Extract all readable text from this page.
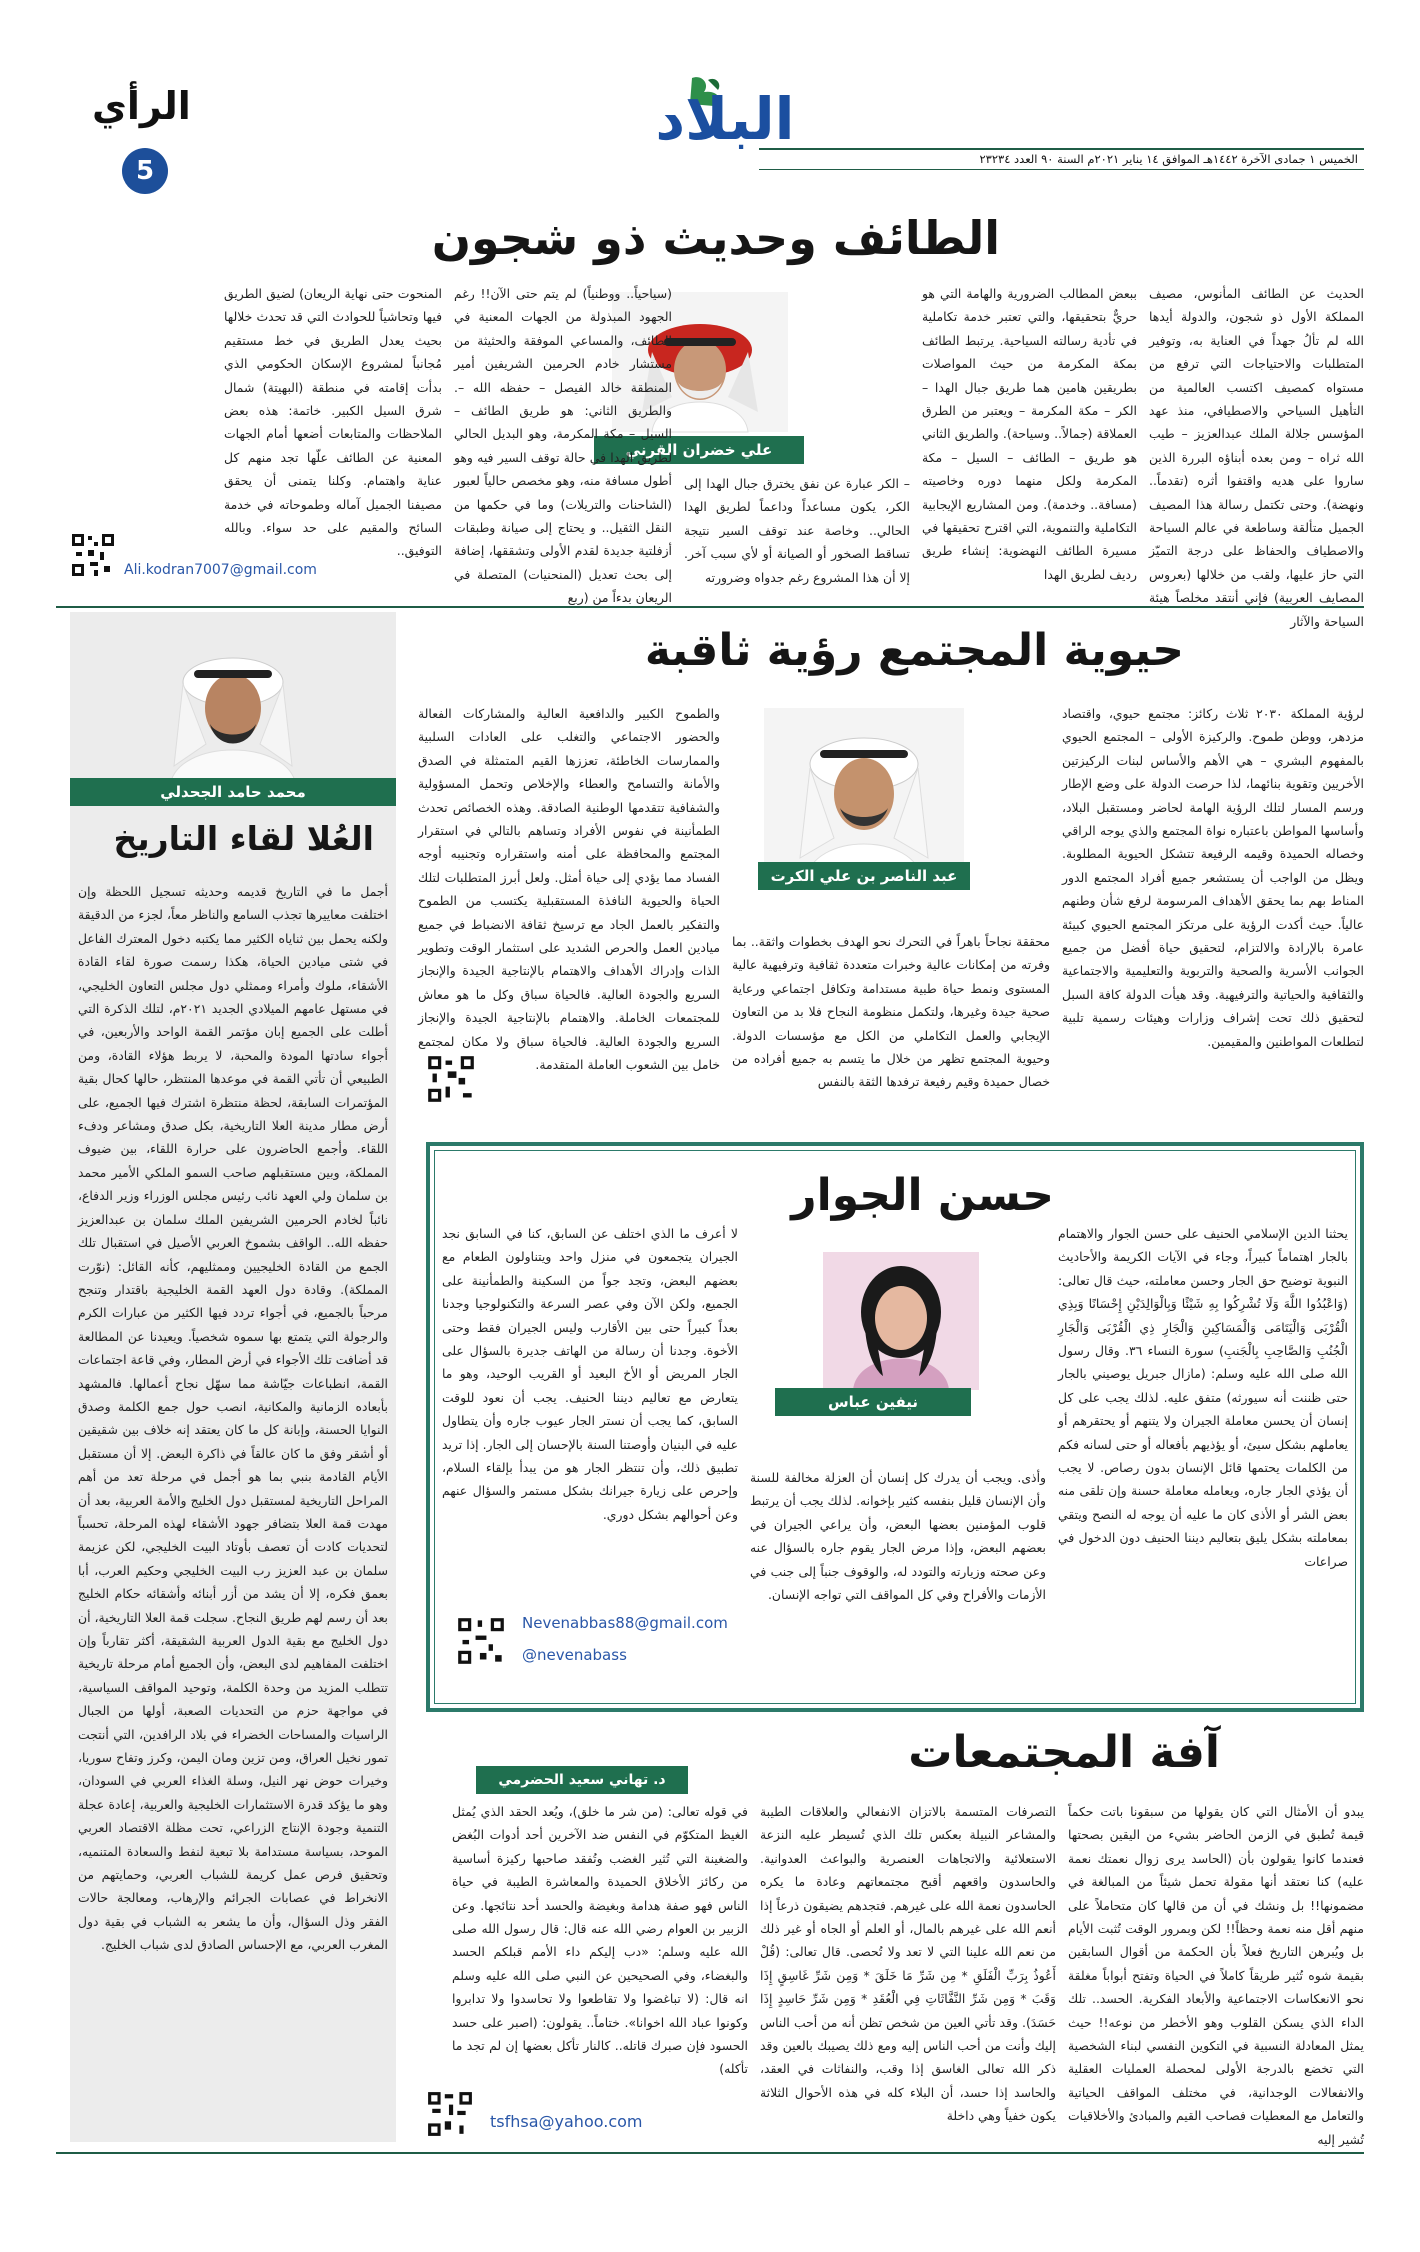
الخميس ١ جمادى الآخرة ١٤٤٢هـ الموافق ١٤ يناير ٢٠٢١م السنة ٩٠ العدد ٢٣٢٣٤
البلاد
الرأي
5
الطائف وحديث ذو شجون
علي خضران القرني
الحديث عن الطائف المأنوس، مصيف المملكة الأول ذو شجون، والدولة أيدها الله لم تألُ جهداً في العناية به، وتوفير المتطلبات والاحتياجات التي ترفع من مستواه كمصيف اكتسب العالمية من التأهيل السياحي والاصطيافي، منذ عهد المؤسس جلالة الملك عبدالعزيز – طيب الله ثراه – ومن بعده أبناؤه البررة الذين ساروا على هديه واقتفوا أثره (تقدماً.. ونهضة). وحتى تكتمل رسالة هذا المصيف الجميل متألقة وساطعة في عالم السياحة والاصطياف والحفاظ على درجة التميّز التي حاز عليها، ولقب من خلالها (بعروس المصايف العربية) فإني أنتقد مخلصاً هيئة السياحة والآثار
ببعض المطالب الضرورية والهامة التي هو حريٌّ بتحقيقها، والتي تعتبر خدمة تكاملية في تأدية رسالته السياحية. يرتبط الطائف بمكة المكرمة من حيث المواصلات بطريقين هامين هما طريق جبال الهدا – الكر – مكة المكرمة – ويعتبر من الطرق العملاقة (جمالاً.. وسياحة). والطريق الثاني هو طريق – الطائف – السيل – مكة المكرمة ولكل منهما دوره وخاصيته (مسافة.. وخدمة). ومن المشاريع الإيجابية التكاملية والتنموية، التي اقترح تحقيقها في مسيرة الطائف النهضوية: إنشاء طريق رديف لطريق الهدا
– الكر عبارة عن نفق يخترق جبال الهدا إلى الكر، يكون مساعداً وداعماً لطريق الهدا الحالي.. وخاصة عند توقف السير نتيجة تساقط الصخور أو الصيانة أو لأي سبب آخر. إلا أن هذا المشروع رغم جدواه وضرورته
(سياحياً.. ووطنياً) لم يتم حتى الآن!! رغم الجهود المبذولة من الجهات المعنية في الطائف، والمساعي الموفقة والحثيثة من مستشار خادم الحرمين الشريفين أمير المنطقة خالد الفيصل – حفظه الله –. والطريق الثاني: هو طريق الطائف – السيل – مكة المكرمة، وهو البديل الحالي لطريق الهدا في حالة توقف السير فيه وهو أطول مسافة منه، وهو مخصص حالياً لعبور (الشاحنات والتريلات) وما في حكمها من النقل الثقيل.. و يحتاج إلى صيانة وطبقات أزفلتية جديدة لقدم الأولى وتشققها، إضافة إلى بحث تعديل (المنحنيات) المتصلة في الريعان بدءاً من (ربع
المنحوت حتى نهاية الريعان) لضيق الطريق فيها وتحاشياً للحوادث التي قد تحدث خلالها بحيث يعدل الطريق في خط مستقيم مُجانباً لمشروع الإسكان الحكومي الذي بدأت إقامته في منطقة (البهيتة) شمال شرق السيل الكبير. خاتمة: هذه بعض الملاحظات والمتابعات أضعها أمام الجهات المعنية عن الطائف علّها تجد منهم كل عناية واهتمام. وكلنا يتمنى أن يحقق مصيفنا الجميل آماله وطموحاته في خدمة السائح والمقيم على حد سواء. وبالله التوفيق..
Ali.kodran7007@gmail.com
محمد حامد الجحدلي
العُلا لقاء التاريخ
أجمل ما في التاريخ قديمه وحديثه تسجيل اللحظة وإن اختلفت معاييرها تجذب السامع والناظر معاً، لجزء من الدقيقة ولكنه يحمل بين ثناياه الكثير مما يكتبه دخول المعترك الفاعل في شتى ميادين الحياة، هكذا رسمت صورة لقاء القادة الأشقاء، ملوك وأمراء وممثلي دول مجلس التعاون الخليجي، في مستهل عامهم الميلادي الجديد ٢٠٢١م، لتلك الذكرة التي أطلت على الجميع إبان مؤتمر القمة الواحد والأربعين، في أجواء سادتها المودة والمحبة، لا يربط هؤلاء القادة، ومن الطبيعي أن تأتي القمة في موعدها المنتظر، حالها كحال بقية المؤتمرات السابقة، لحظة منتظرة اشترك فيها الجميع، على أرض مطار مدينة العلا التاريخية، بكل صدق ومشاعر ودفء اللقاء. وأجمع الحاضرون على حرارة اللقاء، بين ضيوف المملكة، وبين مستقبلهم صاحب السمو الملكي الأمير محمد بن سلمان ولي العهد نائب رئيس مجلس الوزراء وزير الدفاع، نائباً لخادم الحرمين الشريفين الملك سلمان بن عبدالعزيز حفظه الله.. الواقف بشموخ العربي الأصيل في استقبال تلك الجمع من القادة الخليجيين وممثليهم، كأنه القائل: (نوّرت المملكة). وقادة دول العهد القمة الخليجية باقتدار وتنجح مرحباً بالجميع، في أجواء تردد فيها الكثير من عبارات الكرم والرجولة التي يتمتع بها سموه شخصياً. ويعيدنا عن المطالعة قد أضافت تلك الأجواء في أرض المطار، وفي قاعة اجتماعات القمة، انطباعات جيّاشة مما سهّل نجاح أعمالها. فالمشهد بأبعاده الزمانية والمكانية، انصب حول جمع الكلمة وصدق النوايا الحسنة، وإبانة كل ما كان يعتقد إنه خلاف بين شقيقين أو أشقر وفق ما كان عالقاً في ذاكرة البعض. إلا أن مستقبل الأيام القادمة بنبي بما هو أجمل في مرحلة تعد من أهم المراحل التاريخية لمستقبل دول الخليج والأمة العربية، بعد أن مهدت قمة العلا بتضافر جهود الأشقاء لهذه المرحلة، تحسباً لتحديات كادت أن تعصف بأوتاد البيت الخليجي، لكن عزيمة سلمان بن عبد العزيز رب البيت الخليجي وحكيم العرب، أبا بعمق فكره، إلا أن يشد من أزر أبنائه وأشقائه حكام الخليج بعد أن رسم لهم طريق النجاح. سجلت قمة العلا التاريخية، أن دول الخليج مع بقية الدول العربية الشقيقة، أكثر تقارباً وإن اختلفت المفاهيم لدى البعض، وأن الجميع أمام مرحلة تاريخية تتطلب المزيد من وحدة الكلمة، وتوحيد المواقف السياسية، في مواجهة حزم من التحديات الصعبة، أولها من الجبال الراسيات والمساحات الخضراء في بلاد الرافدين، التي أنتجت تمور نخيل العراق، ومن تزين ومان اليمن، وكرز وتفاح سوريا، وخيرات حوض نهر النيل، وسلة الغذاء العربي في السودان، وهو ما يؤكد قدرة الاستثمارات الخليجية والعربية، إعادة عجلة التنمية وجودة الإنتاج الزراعي، تحت مظلة الاقتصاد العربي الموحد، بسياسة مستدامة بلا تبعية لنفط والسعادة المتنميه، وتحقيق فرص عمل كريمة للشباب العربي، وحمايتهم من الانخراط في عصابات الجرائم والإرهاب، ومعالجة حالات الفقر وذل السؤال، وأن ما يشعر به الشباب في بقية دول المغرب العربي، مع الإحساس الصادق لدى شباب الخليج.
حيوية المجتمع رؤية ثاقبة
عبد الناصر بن علي الكرت
لرؤية المملكة ٢٠٣٠ ثلاث ركائز: مجتمع حيوي، واقتصاد مزدهر، ووطن طموح. والركيزة الأولى – المجتمع الحيوي بالمفهوم البشري – هي الأهم والأساس لبنات الركيزتين الأخريين وتقوية بنائهما، لذا حرصت الدولة على وضع الإطار ورسم المسار لتلك الرؤية الهامة لحاضر ومستقبل البلاد، وأساسها المواطن باعتباره نواة المجتمع والذي يوجه الراقي وخصاله الحميدة وقيمه الرفيعة تتشكل الحيوية المطلوبة. ويظل من الواجب أن يستشعر جميع أفراد المجتمع الدور المناط بهم بما يحقق الأهداف المرسومة لرفع شأن وطنهم عالياً. حيث أكدت الرؤية على مرتكز المجتمع الحيوي كبيئة عامرة بالإرادة والالتزام، لتحقيق حياة أفضل من جميع الجوانب الأسرية والصحية والتربوية والتعليمية والاجتماعية والثقافية والحياتية والترفيهية. وقد هيأت الدولة كافة السبل لتحقيق ذلك تحت إشراف وزارات وهيئات رسمية تلبية لتطلعات المواطنين والمقيمين.
محققة نجاحاً باهراً في التحرك نحو الهدف بخطوات واثقة.. بما وفرته من إمكانات عالية وخبرات متعددة ثقافية وترفيهية عالية المستوى ونمط حياة طبية مستدامة وتكافل اجتماعي ورعاية صحية جيدة وغيرها، ولتكمل منظومة النجاح فلا بد من التعاون الإيجابي والعمل التكاملي من الكل مع مؤسسات الدولة. وحيوية المجتمع تظهر من خلال ما يتسم به جميع أفراده من خصال حميدة وقيم رفيعة ترفدها الثقة بالنفس
والطموح الكبير والدافعية العالية والمشاركات الفعالة والحضور الاجتماعي والتغلب على العادات السلبية والممارسات الخاطئة، تعززها القيم المتمثلة في الصدق والأمانة والتسامح والعطاء والإخلاص وتحمل المسؤولية والشفافية تتقدمها الوطنية الصادقة. وهذه الخصائص تحدث الطمأنينة في نفوس الأفراد وتساهم بالتالي في استقرار المجتمع والمحافظة على أمنه واستقراره وتجنيبه أوجه الفساد مما يؤدي إلى حياة أمثل. ولعل أبرز المتطلبات لتلك الحياة والحيوية النافذة المستقبلية يكتسب من الطموح والتفكير بالعمل الجاد مع ترسيخ ثقافة الانضباط في جميع ميادين العمل والحرص الشديد على استثمار الوقت وتطوير الذات وإدراك الأهداف والاهتمام بالإنتاجية الجيدة والإنجاز السريع والجودة العالية. فالحياة سباق وكل ما هو معاش للمجتمعات الخاملة. والاهتمام بالإنتاجية الجيدة والإنجاز السريع والجودة العالية. فالحياة سباق ولا مكان لمجتمع خامل بين الشعوب العاملة المتقدمة.
حسن الجوار
نيفين عباس
يحثنا الدين الإسلامي الحنيف على حسن الجوار والاهتمام بالجار اهتماماً كبيراً، وجاء في الآيات الكريمة والأحاديث النبوية توضيح حق الجار وحسن معاملته، حيث قال تعالى: (وَاعْبُدُوا اللَّهَ وَلَا تُشْرِكُوا بِهِ شَيْئًا وَبِالْوَالِدَيْنِ إِحْسَانًا وَبِذِي الْقُرْبَى وَالْيَتَامَى وَالْمَسَاكِينِ وَالْجَارِ ذِي الْقُرْبَى وَالْجَارِ الْجُنُبِ وَالصَّاحِبِ بِالْجَنبِ) سورة النساء ٣٦. وقال رسول الله صلى الله عليه وسلم: (مازال جبريل يوصيني بالجار حتى ظننت أنه سيورثه) متفق عليه. لذلك يجب على كل إنسان أن يحسن معاملة الجيران ولا يتنهم أو يحتقرهم أو يعاملهم بشكل سيئ، أو يؤذيهم بأفعاله أو حتى لسانه فكم من الكلمات يحتمها قائل الإنسان بدون رصاص. لا يجب أن يؤذي الجار جاره، ويعامله معاملة حسنة وإن تلقى منه بعض الشر أو الأذى كان ما عليه أن يوجه له النصح ويتقي بمعاملته بشكل يليق بتعاليم ديننا الحنيف دون الدخول في صراعات
وأذى. ويجب أن يدرك كل إنسان أن العزلة مخالفة للسنة وأن الإنسان قليل بنفسه كثير بإخوانه. لذلك يجب أن يرتبط قلوب المؤمنين بعضها البعض، وأن يراعي الجيران في بعضهم البعض، وإذا مرض الجار يقوم جاره بالسؤال عنه وعن صحته وزيارته والتودد له، والوقوف جنباً إلى جنب في الأزمات والأفراح وفي كل المواقف التي تواجه الإنسان.
لا أعرف ما الذي اختلف عن السابق، كنا في السابق نجد الجيران يتجمعون في منزل واحد ويتناولون الطعام مع بعضهم البعض، وتجد جواً من السكينة والطمأنينة على الجميع، ولكن الآن وفي عصر السرعة والتكنولوجيا وجدنا بعداً كبيراً حتى بين الأقارب وليس الجيران فقط وحتى الأخوة. وجدنا أن رسالة من الهاتف جديرة بالسؤال على الجار المريض أو الأخ البعيد أو القريب الوحيد، وهو ما يتعارض مع تعاليم ديننا الحنيف. يجب أن نعود للوقت السابق، كما يجب أن نستر الجار عيوب جاره وأن يتطاول عليه في البنيان وأوصتنا السنة بالإحسان إلى الجار. إذا تريد تطبيق ذلك، وأن تنتظر الجار هو من يبدأ بإلقاء السلام، وإحرص على زيارة جيرانك بشكل مستمر والسؤال عنهم وعن أحوالهم بشكل دوري.
Nevenabbas88@gmail.com
@nevenabass
آفة المجتمعات
د. تهاني سعيد الحضرمي
يبدو أن الأمثال التي كان يقولها من سبقونا باتت حكماً قيمة تُطبق في الزمن الحاضر بشيء من اليقين بصحتها فعندما كانوا يقولون بأن (الحاسد يرى زوال نعمتك نعمة عليه) كنا نعتقد أنها مقولة تحمل شيئاً من المبالغة في مضمونها!! بل ونشك في أن من قالها كان متحاملاً على منهم أقل منه نعمة وحظاً!! لكن وبمرور الوقت تُثبت الأيام بل ويُبرهن التاريخ فعلاً بأن الحكمة من أقوال السابقين بقيمة شوه تُثير طريقاً كاملاً في الحياة وتفتح أبواباً مغلقة نحو الانعكاسات الاجتماعية والأبعاد الفكرية. الحسد.. تلك الداء الذي يسكن القلوب وهو الأخطر من نوعه!! حيث يمثل المعادلة النسبية في التكوين النفسي لبناء الشخصية التي تخضع بالدرجة الأولى لمحصلة العمليات العقلية والانفعالات الوجدانية، في مختلف المواقف الحياتية والتعامل مع المعطيات فصاحب القيم والمبادئ والأخلاقيات تُشير إليه
التصرفات المتسمة بالاتزان الانفعالي والعلاقات الطيبة والمشاعر النبيلة بعكس تلك الذي تُسيطر عليه النزعة الاستعلائية والاتجاهات العنصرية والبواعث العدوانية. والحاسدون واقعهم أقبح مجتمعاتهم وعادة ما يكره الحاسدون نعمة الله على غيرهم. فتجدهم يضيقون ذرعاً إذا أنعم الله على غيرهم بالمال، أو العلم أو الجاه أو غير ذلك من نعم الله علينا التي لا تعد ولا تُحصى. قال تعالى: (قُلْ أَعُوذُ بِرَبِّ الْفَلَقِ * مِن شَرِّ مَا خَلَقَ * وَمِن شَرِّ غَاسِقٍ إِذَا وَقَبَ * وَمِن شَرِّ النَّفَّاثَاتِ فِي الْعُقَدِ * وَمِن شَرِّ حَاسِدٍ إِذَا حَسَدَ). وقد تأتي العين من شخص تظن أنه من أحب الناس إليك وأنت من أحب الناس إليه ومع ذلك يصيبك بالعين وقد ذكر الله تعالى الغاسق إذا وقب، والنفاثات في العقد، والحاسد إذا حسد، أن البلاء كله في هذه الأحوال الثلاثة يكون خفياً وهي داخلة
في قوله تعالى: (من شر ما خلق)، ويُعد الحقد الذي يُمثل الغيظ المتكوّم في النفس ضد الآخرين أحد أدوات البُغض والضغينة التي تُثير الغضب وتُفقد صاحبها ركيزة أساسية من ركائز الأخلاق الحميدة والمعاشرة الطيبة في حياة الناس فهو صفة هدامة وبغيضة والحسد أحد نتائجها. وعن الزبير بن العوام رضي الله عنه قال: قال رسول الله صلى الله عليه وسلم: «دب إليكم داء الأمم قبلكم الحسد والبغضاء، وفي الصحيحين عن النبي صلى الله عليه وسلم انه قال: (لا تباغضوا ولا تقاطعوا ولا تحاسدوا ولا تدابروا وكونوا عباد الله اخوانا». ختاماً.. يقولون: (اصبر على حسد الحسود فإن صبرك قاتله.. كالنار تأكل بعضها إن لم تجد ما تأكله)
tsfhsa@yahoo.com
